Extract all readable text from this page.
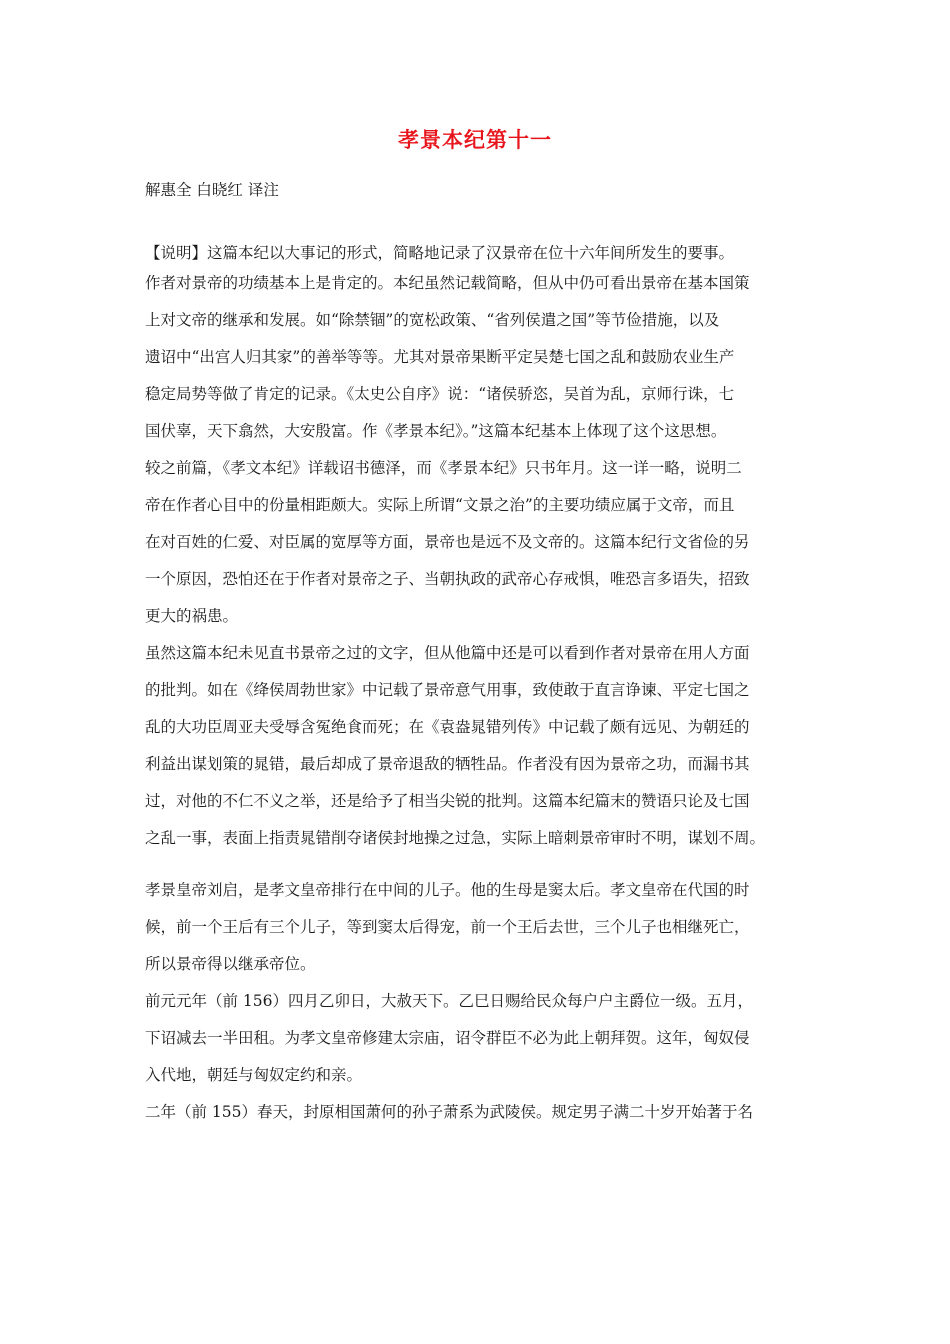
孝景本纪第十一

解惠全 白晓红 译注

【说明】这篇本纪以大事记的形式，简略地记录了汉景帝在位十六年间所发生的要事。

作者对景帝的功绩基本上是肯定的。本纪虽然记载简略，但从中仍可看出景帝在基本国策

上对文帝的继承和发展。如“除禁锢”的宽松政策、“省列侯遣之国”等节俭措施，以及

遗诏中“出宫人归其家”的善举等等。尤其对景帝果断平定吴楚七国之乱和鼓励农业生产

稳定局势等做了肯定的记录。《太史公自序》说：“诸侯骄恣，吴首为乱，京师行诛，七

国伏辜，天下翕然，大安殷富。作《孝景本纪》。”这篇本纪基本上体现了这个这思想。

较之前篇，《孝文本纪》详载诏书德泽，而《孝景本纪》只书年月。这一详一略，说明二

帝在作者心目中的份量相距颇大。实际上所谓“文景之治”的主要功绩应属于文帝，而且

在对百姓的仁爱、对臣属的宽厚等方面，景帝也是远不及文帝的。这篇本纪行文省俭的另

一个原因，恐怕还在于作者对景帝之子、当朝执政的武帝心存戒惧，唯恐言多语失，招致

更大的祸患。

虽然这篇本纪未见直书景帝之过的文字，但从他篇中还是可以看到作者对景帝在用人方面

的批判。如在《绛侯周勃世家》中记载了景帝意气用事，致使敢于直言诤谏、平定七国之

乱的大功臣周亚夫受辱含冤绝食而死；在《袁盎晁错列传》中记载了颇有远见、为朝廷的

利益出谋划策的晁错，最后却成了景帝退敌的牺牲品。作者没有因为景帝之功，而漏书其

过，对他的不仁不义之举，还是给予了相当尖锐的批判。这篇本纪篇末的赞语只论及七国

之乱一事，表面上指责晁错削夺诸侯封地操之过急，实际上暗刺景帝审时不明，谋划不周。

孝景皇帝刘启，是孝文皇帝排行在中间的儿子。他的生母是窦太后。孝文皇帝在代国的时

候，前一个王后有三个儿子，等到窦太后得宠，前一个王后去世，三个儿子也相继死亡，

所以景帝得以继承帝位。

前元元年（前 156）四月乙卯日，大赦天下。乙巳日赐给民众每户户主爵位一级。五月，

下诏减去一半田租。为孝文皇帝修建太宗庙，诏令群臣不必为此上朝拜贺。这年，匈奴侵

入代地，朝廷与匈奴定约和亲。

二年（前 155）春天，封原相国萧何的孙子萧系为武陵侯。规定男子满二十岁开始著于名
